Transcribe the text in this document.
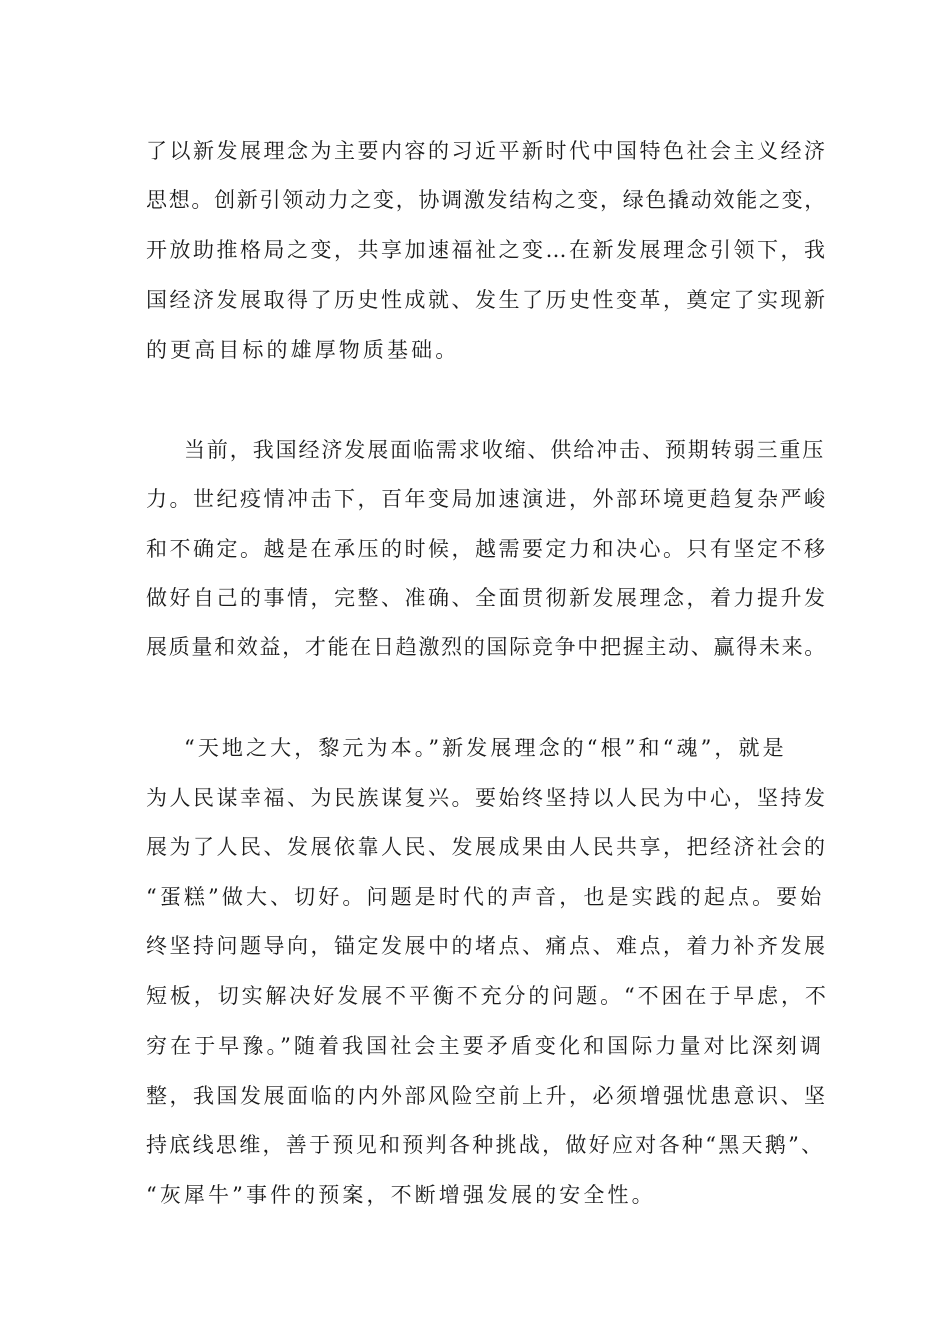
了以新发展理念为主要内容的习近平新时代中国特色社会主义经济
思想。创新引领动力之变，协调激发结构之变，绿色撬动效能之变，
开放助推格局之变，共享加速福祉之变…在新发展理念引领下，我
国经济发展取得了历史性成就、发生了历史性变革，奠定了实现新
的更高目标的雄厚物质基础。
当前，我国经济发展面临需求收缩、供给冲击、预期转弱三重压
力。世纪疫情冲击下，百年变局加速演进，外部环境更趋复杂严峻
和不确定。越是在承压的时候，越需要定力和决心。只有坚定不移
做好自己的事情，完整、准确、全面贯彻新发展理念，着力提升发
展质量和效益，才能在日趋激烈的国际竞争中把握主动、赢得未来。
“天地之大，黎元为本。”新发展理念的“根”和“魂”，就是
为人民谋幸福、为民族谋复兴。要始终坚持以人民为中心，坚持发
展为了人民、发展依靠人民、发展成果由人民共享，把经济社会的
“蛋糕”做大、切好。问题是时代的声音，也是实践的起点。要始
终坚持问题导向，锚定发展中的堵点、痛点、难点，着力补齐发展
短板，切实解决好发展不平衡不充分的问题。“不困在于早虑，不
穷在于早豫。”随着我国社会主要矛盾变化和国际力量对比深刻调
整，我国发展面临的内外部风险空前上升，必须增强忧患意识、坚
持底线思维，善于预见和预判各种挑战，做好应对各种“黑天鹅”、
“灰犀牛”事件的预案，不断增强发展的安全性。
